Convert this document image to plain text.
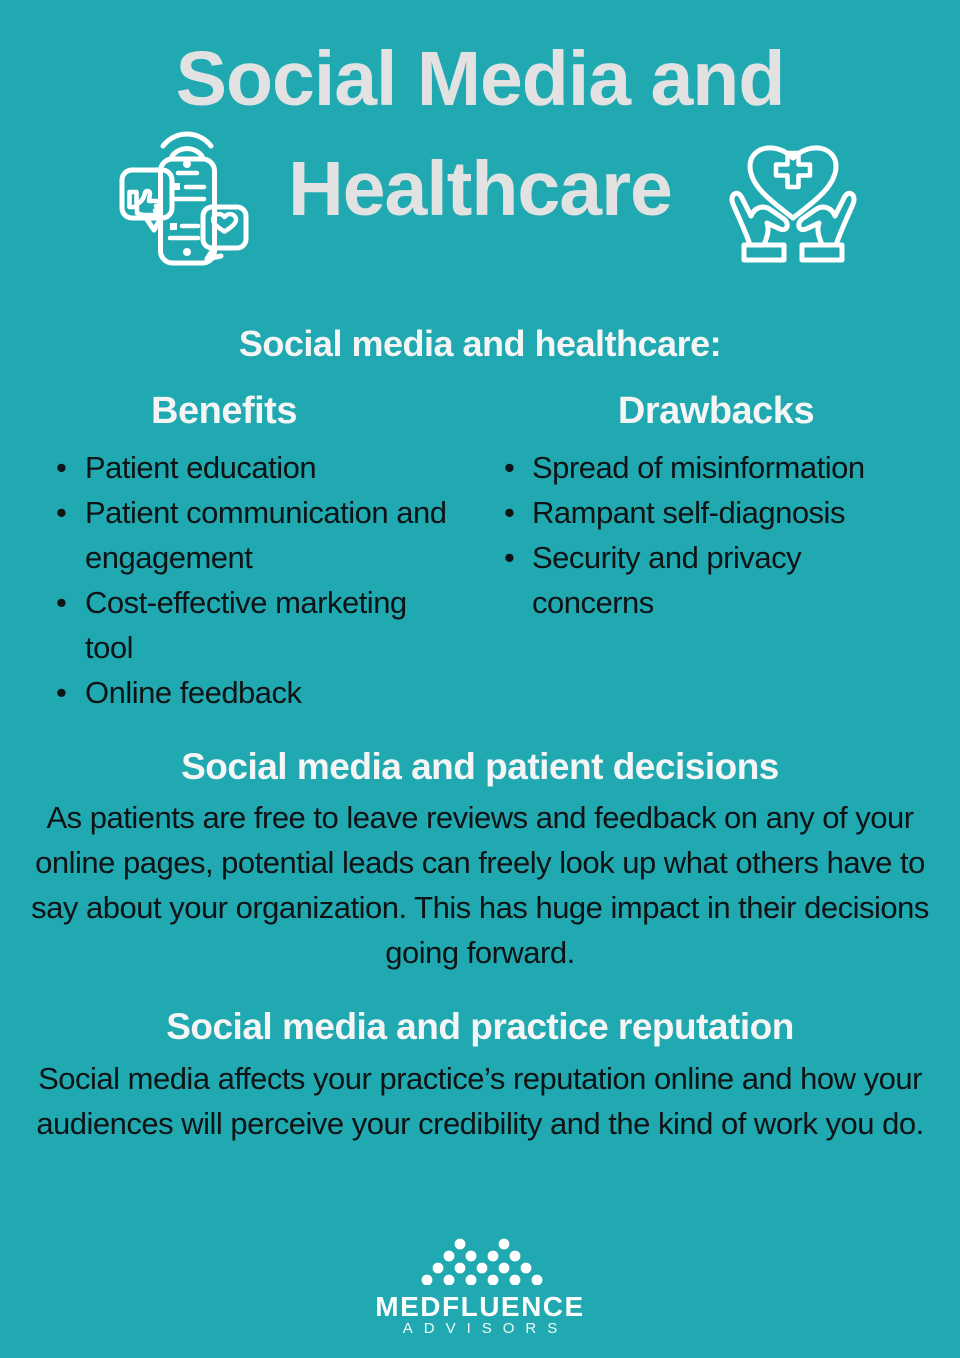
Social Media and
Healthcare
Social media and healthcare:
Benefits
• Patient education
• Patient communication and engagement
• Cost-effective marketing tool
• Online feedback
Drawbacks
• Spread of misinformation
• Rampant self-diagnosis
• Security and privacy concerns
Social media and patient decisions
As patients are free to leave reviews and feedback on any of your online pages, potential leads can freely look up what others have to say about your organization. This has huge impact in their decisions going forward.
Social media and practice reputation
Social media affects your practice’s reputation online and how your audiences will perceive your credibility and the kind of work you do.
MEDFLUENCE
ADVISORS
